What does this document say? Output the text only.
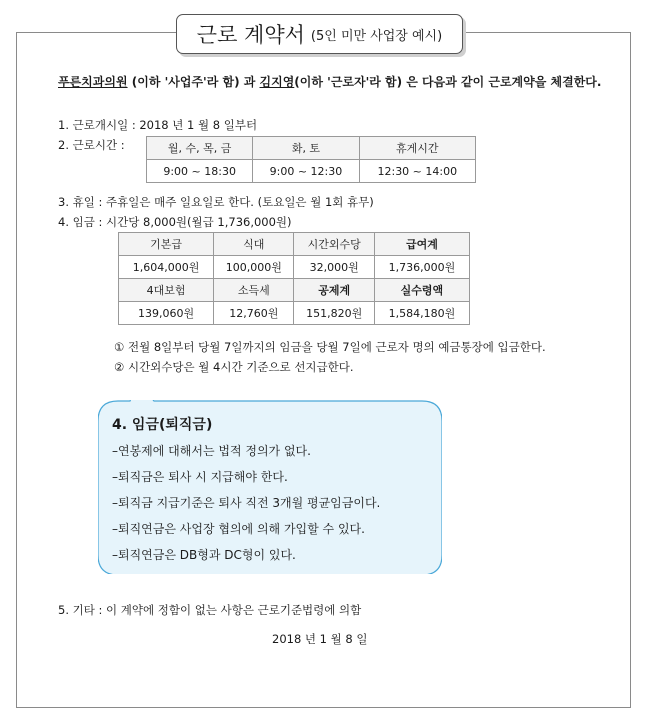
근로 계약서 (5인 미만 사업장 예시)
푸른치과의원 (이하 '사업주'라 함) 과 김지영(이하 '근로자'라 함) 은 다음과 같이 근로계약을 체결한다.
1. 근로개시일 : 2018 년 1 월 8 일부터
2. 근로시간 :	월, 수, 목, 금	화, 토	휴게시간
9:00 ~ 18:30	9:00 ~ 12:30	12:30 ~ 14:00
3. 휴일 : 주휴일은 매주 일요일로 한다. (토요일은 월 1회 휴무)
4. 임금 : 시간당 8,000원(월급 1,736,000원)
기본급	식대	시간외수당	급여계
1,604,000원	100,000원	32,000원	1,736,000원
4대보험	소득세	공제계	실수령액
139,060원	12,760원	151,820원	1,584,180원
① 전월 8일부터 당월 7일까지의 임금을 당월 7일에 근로자 명의 예금통장에 입금한다.
② 시간외수당은 월 4시간 기준으로 선지급한다.
4. 임금(퇴직금)
–연봉제에 대해서는 법적 정의가 없다.
–퇴직금은 퇴사 시 지급해야 한다.
–퇴직금 지급기준은 퇴사 직전 3개월 평균임금이다.
–퇴직연금은 사업장 협의에 의해 가입할 수 있다.
–퇴직연금은 DB형과 DC형이 있다.
5. 기타 : 이 계약에 정함이 없는 사항은 근로기준법령에 의함
2018 년 1 월 8 일
